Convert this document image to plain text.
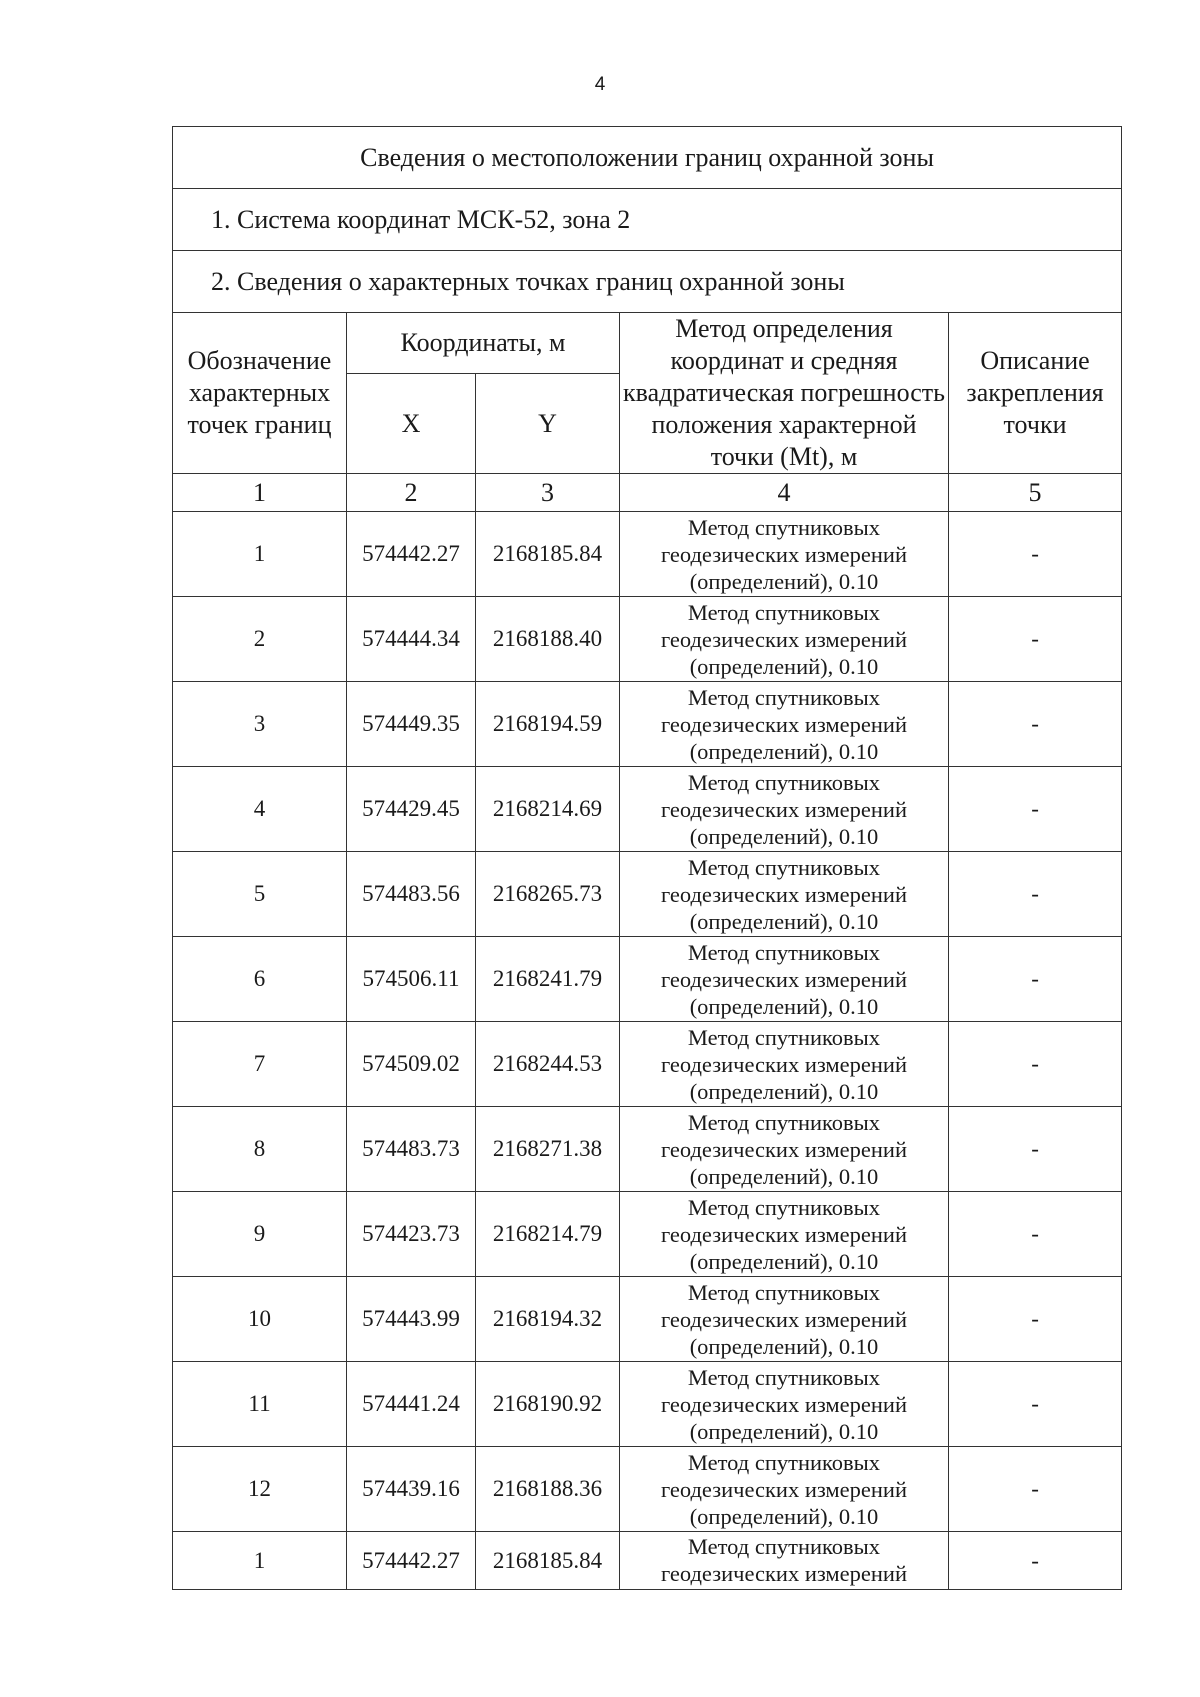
4
Сведения о местоположении границ охранной зоны				
1. Система координат МСК-52, зона 2				
2. Сведения о характерных точках границ охранной зоны				
Обозначение характерных точек границ	Координаты, м		Метод определения координат и средняя квадратическая погрешность положения характерной точки (Mt), м	Описание закрепления точки
	X	Y		
1	2	3	4	5
1	574442.27	2168185.84	Метод спутниковых геодезических измерений (определений), 0.10	-
2	574444.34	2168188.40	Метод спутниковых геодезических измерений (определений), 0.10	-
3	574449.35	2168194.59	Метод спутниковых геодезических измерений (определений), 0.10	-
4	574429.45	2168214.69	Метод спутниковых геодезических измерений (определений), 0.10	-
5	574483.56	2168265.73	Метод спутниковых геодезических измерений (определений), 0.10	-
6	574506.11	2168241.79	Метод спутниковых геодезических измерений (определений), 0.10	-
7	574509.02	2168244.53	Метод спутниковых геодезических измерений (определений), 0.10	-
8	574483.73	2168271.38	Метод спутниковых геодезических измерений (определений), 0.10	-
9	574423.73	2168214.79	Метод спутниковых геодезических измерений (определений), 0.10	-
10	574443.99	2168194.32	Метод спутниковых геодезических измерений (определений), 0.10	-
11	574441.24	2168190.92	Метод спутниковых геодезических измерений (определений), 0.10	-
12	574439.16	2168188.36	Метод спутниковых геодезических измерений (определений), 0.10	-
1	574442.27	2168185.84	Метод спутниковых геодезических измерений	-
